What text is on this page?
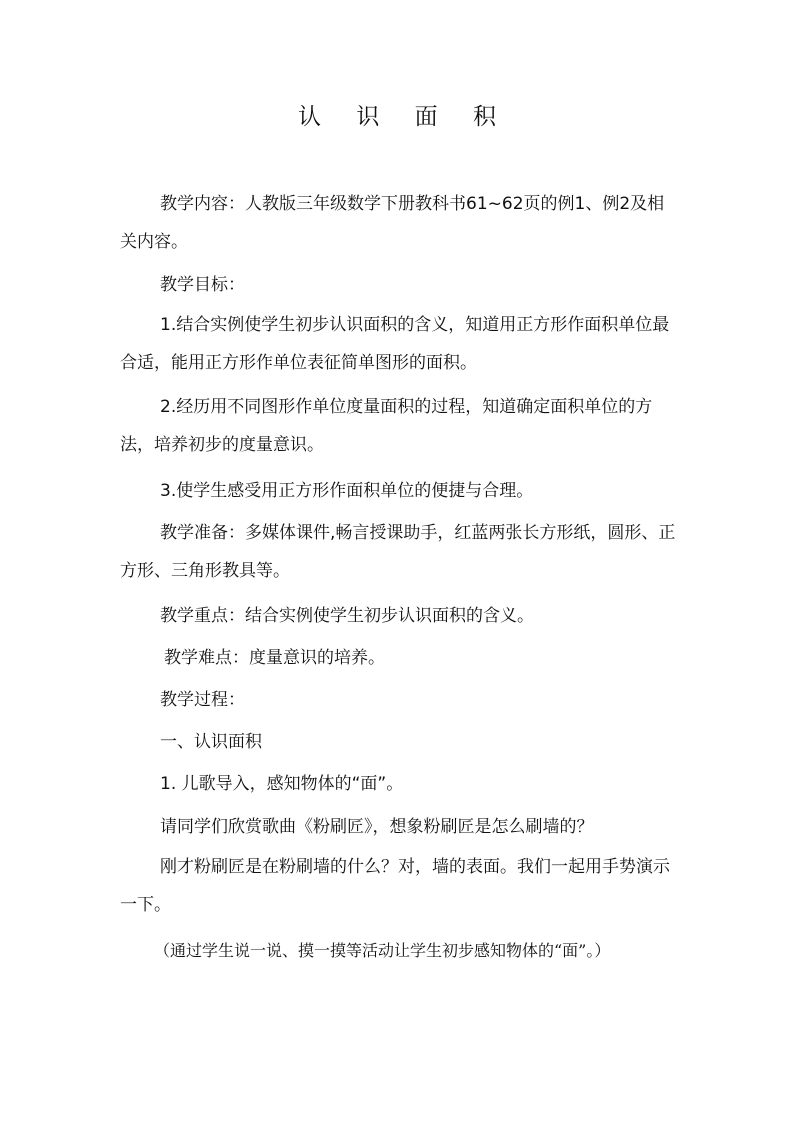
认 识 面 积

教学内容：人教版三年级数学下册教科书61~62页的例1、例2及相关内容。

教学目标：

1.结合实例使学生初步认识面积的含义，知道用正方形作面积单位最合适，能用正方形作单位表征简单图形的面积。

2.经历用不同图形作单位度量面积的过程，知道确定面积单位的方法，培养初步的度量意识。

3.使学生感受用正方形作面积单位的便捷与合理。

教学准备：多媒体课件,畅言授课助手，红蓝两张长方形纸，圆形、正方形、三角形教具等。

教学重点：结合实例使学生初步认识面积的含义。

教学难点：度量意识的培养。

教学过程：

一、认识面积

1. 儿歌导入，感知物体的“面”。

请同学们欣赏歌曲《粉刷匠》，想象粉刷匠是怎么刷墙的？

刚才粉刷匠是在粉刷墙的什么？对，墙的表面。我们一起用手势演示一下。

（通过学生说一说、摸一摸等活动让学生初步感知物体的“面”。）
